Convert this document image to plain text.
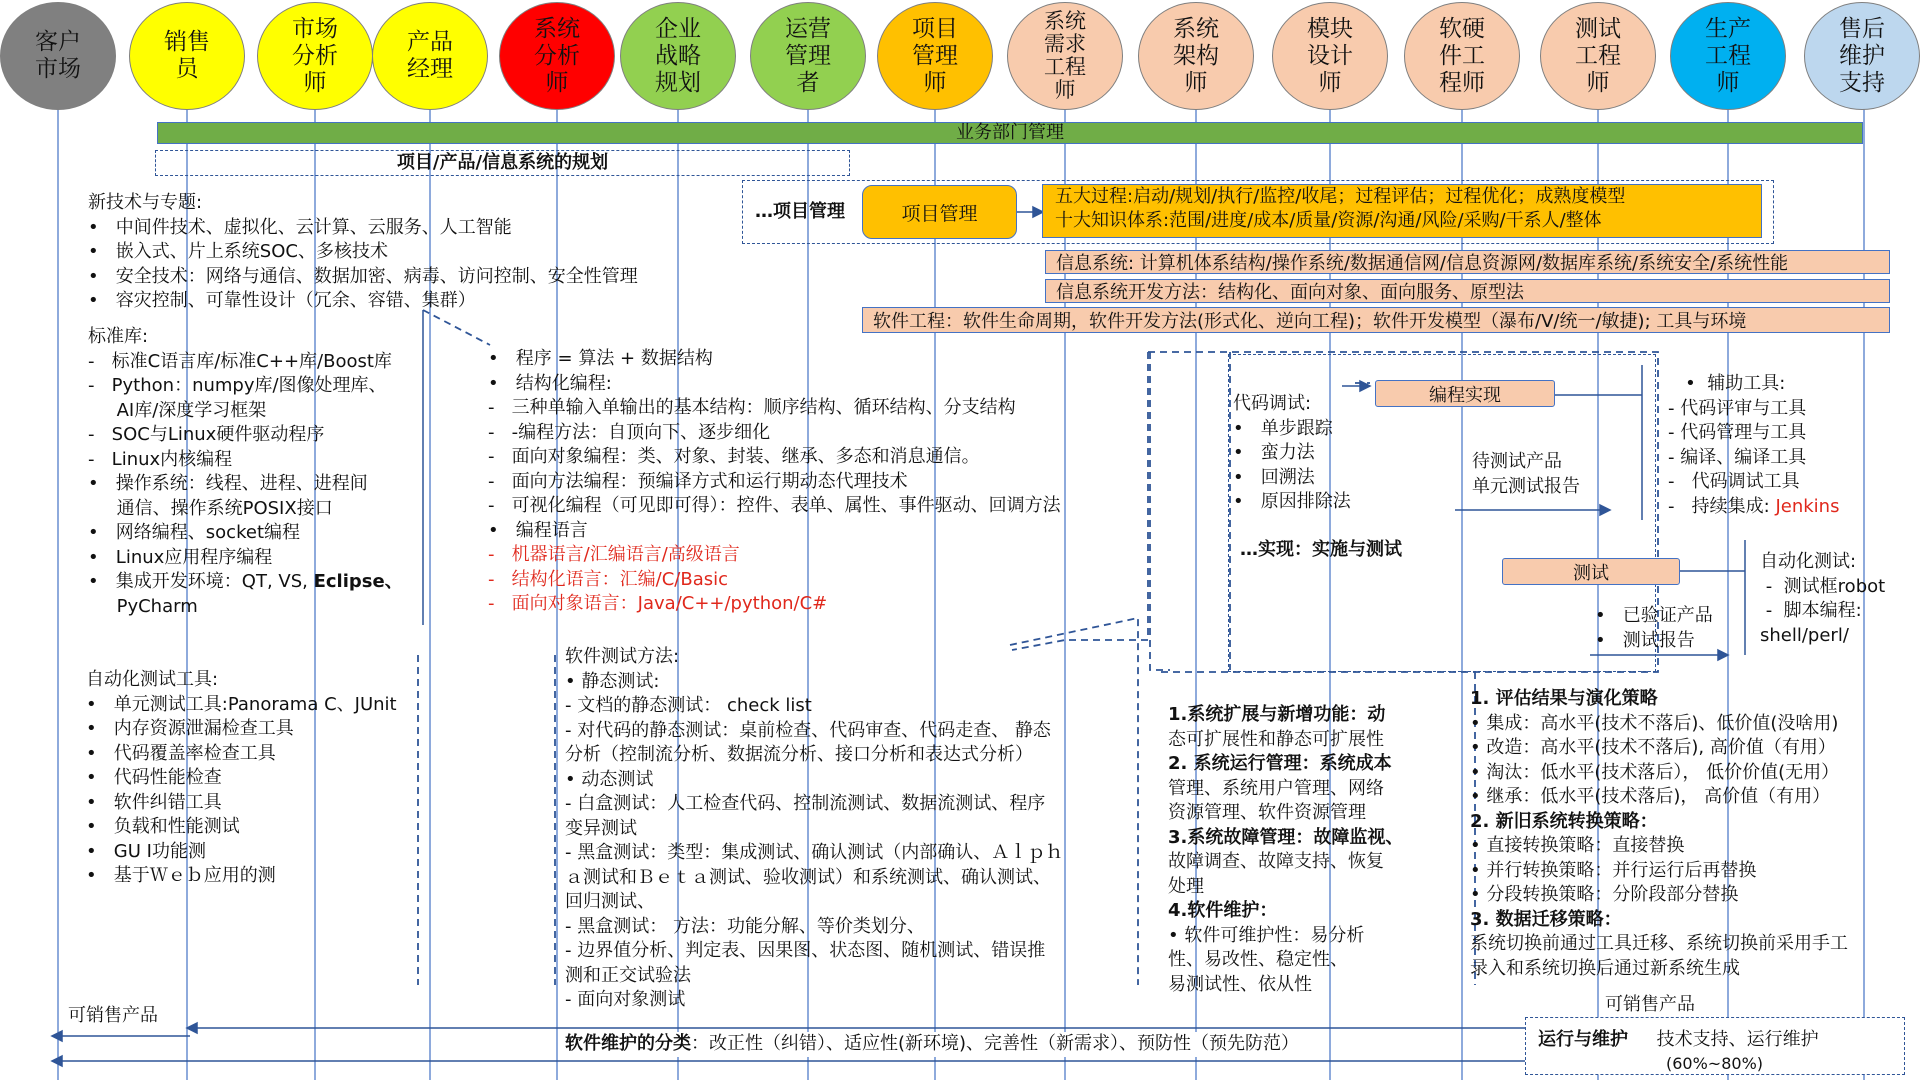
客户
市场
销售
员
市场
分析
师
产品
经理
系统
分析
师
企业
战略
规划
运营
管理
者
项目
管理
师
系统
需求
工程
师
系统
架构
师
模块
设计
师
软硬
件工
程师
测试
工程
师
生产
工程
师
售后
维护
支持
业务部门管理
项目/产品/信息系统的规划
新技术与专题:
•   中间件技术、虚拟化、云计算、云服务、人工智能
•   嵌入式、片上系统SOC、多核技术
•   安全技术：网络与通信、数据加密、病毒、访问控制、安全性管理
•   容灾控制、可靠性设计（冗余、容错、集群）
标准库:
-   标准C语言库/标准C++库/Boost库
-   Python：numpy库/图像处理库、
AI库/深度学习框架
-   SOC与Linux硬件驱动程序
-   Linux内核编程
•   操作系统：线程、进程、进程间
通信、操作系统POSIX接口
•   网络编程、socket编程
•   Linux应用程序编程
•   集成开发环境：QT, VS, Eclipse、
PyCharm
•   程序 = 算法 + 数据结构
•   结构化编程:
-   三种单输入单输出的基本结构：顺序结构、循环结构、分支结构
-   -编程方法：自顶向下、逐步细化
-   面向对象编程：类、对象、封装、继承、多态和消息通信。
-   面向方法编程：预编译方式和运行期动态代理技术
-   可视化编程（可见即可得）：控件、表单、属性、事件驱动、回调方法
•   编程语言
-   机器语言/汇编语言/高级语言
-   结构化语言：汇编/C/Basic
-   面向对象语言：Java/C++/python/C#
…项目管理	项目管理
五大过程:启动/规划/执行/监控/收尾；过程评估；过程优化；成熟度模型
十大知识体系:范围/进度/成本/质量/资源/沟通/风险/采购/干系人/整体
信息系统: 计算机体系结构/操作系统/数据通信网/信息资源网/数据库系统/系统安全/系统性能
信息系统开发方法：结构化、面向对象、面向服务、原型法
软件工程：软件生命周期，软件开发方法(形式化、逆向工程)；软件开发模型（瀑布/V/统一/敏捷); 工具与环境
代码调试:
•   单步跟踪
•   蛮力法
•   回溯法
•   原因排除法
…实现：实施与测试
编程实现
待测试产品
单元测试报告
测试
•   已验证产品
•   测试报告
•  辅助工具:
- 代码评审与工具
- 代码管理与工具
- 编译、编译工具
-   代码调试工具
-   持续集成: Jenkins
自动化测试:
-  测试框robot
-  脚本编程:
shell/perl/
自动化测试工具:
•   单元测试工具:Panorama C、JUnit
•   内存资源泄漏检查工具
•   代码覆盖率检查工具
•   代码性能检查
•   软件纠错工具
•   负载和性能测试
•   GU I功能测
•   基于Ｗｅｂ应用的测
软件测试方法:
• 静态测试:
- 文档的静态测试： check list
- 对代码的静态测试：桌前检查、代码审查、代码走查、 静态
分析（控制流分析、数据流分析、接口分析和表达式分析）
• 动态测试
- 白盒测试：人工检查代码、控制流测试、数据流测试、程序
变异测试
- 黑盒测试：类型：集成测试、确认测试（内部确认、Ａｌｐｈ
ａ测试和Ｂｅｔａ测试、验收测试）和系统测试、确认测试、
回归测试、
- 黑盒测试： 方法：功能分解、等价类划分、
- 边界值分析、判定表、因果图、状态图、随机测试、错误推
测和正交试验法
- 面向对象测试
1.系统扩展与新增功能：动
态可扩展性和静态可扩展性
2. 系统运行管理：系统成本
管理、系统用户管理、网络
资源管理、软件资源管理
3.系统故障管理：故障监视、
故障调查、故障支持、恢复
处理
4.软件维护：
• 软件可维护性：易分析
性、易改性、稳定性、
易测试性、依从性
1. 评估结果与演化策略
• 集成：高水平(技术不落后)、低价值(没啥用)
• 改造：高水平(技术不落后), 高价值（有用）
• 淘汰：低水平(技术落后）， 低价价值(无用）
• 继承：低水平(技术落后)， 高价值（有用）
2. 新旧系统转换策略：
• 直接转换策略：直接替换
• 并行转换策略：并行运行后再替换
• 分段转换策略：分阶段部分替换
3. 数据迁移策略：
系统切换前通过工具迁移、系统切换前采用手工
录入和系统切换后通过新系统生成
可销售产品
可销售产品
软件维护的分类：改正性（纠错）、适应性(新环境)、完善性（新需求）、预防性（预先防范）	运行与维护 技术支持、运行维护
(60%~80%)
